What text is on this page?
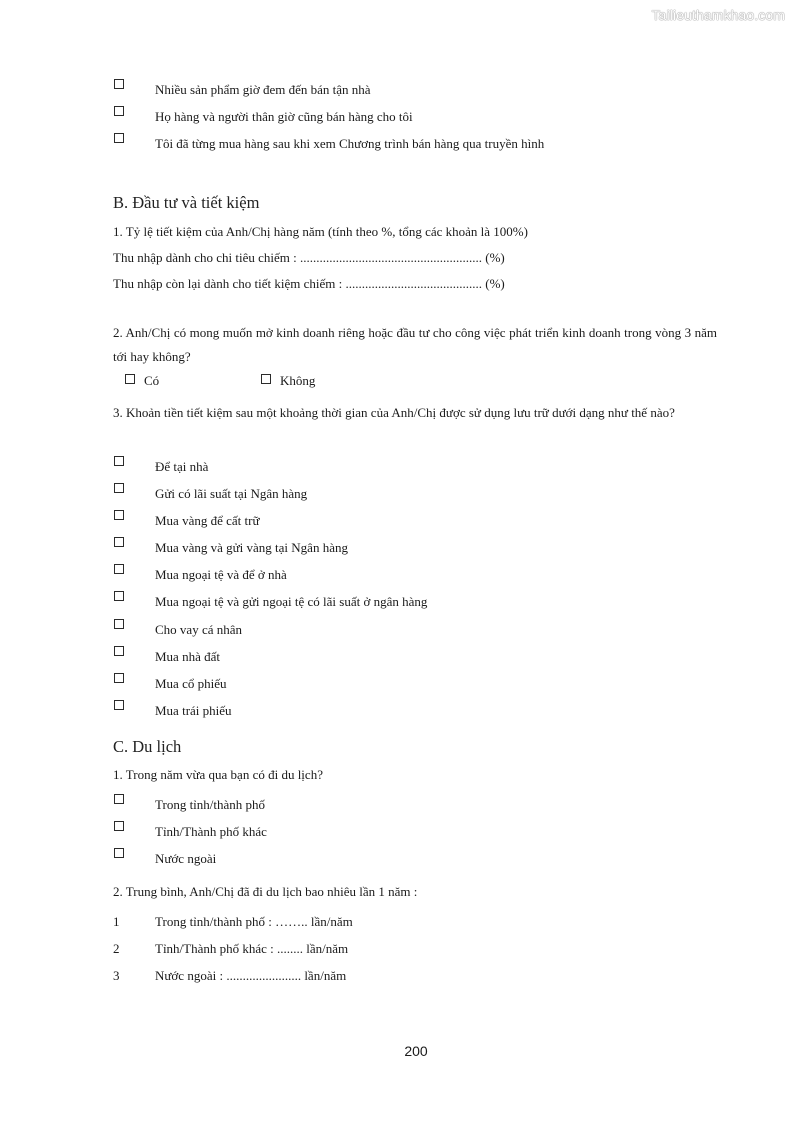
Tailieuthamkhao.com
Nhiều sản phẩm giờ đem đến bán tận nhà
Họ hàng và người thân giờ cũng bán hàng cho tôi
Tôi đã từng mua hàng sau khi xem Chương trình bán hàng qua truyền hình
B. Đầu tư và tiết kiệm
1. Tỷ lệ tiết kiệm của Anh/Chị hàng năm (tính theo %, tổng các khoản là 100%)
Thu nhập dành cho chi tiêu chiếm : ........................................................ (%)
Thu nhập còn lại dành cho tiết kiệm chiếm : .......................................... (%)
2. Anh/Chị có mong muốn mở kinh doanh riêng hoặc đầu tư cho công việc phát triển kinh doanh trong vòng 3 năm tới hay không?
Có	Không
3. Khoản tiền tiết kiệm sau một khoảng thời gian của Anh/Chị được sử dụng lưu trữ dưới dạng như thế nào?
Để tại nhà
Gửi có lãi suất tại Ngân hàng
Mua vàng để cất trữ
Mua vàng và gửi vàng tại Ngân hàng
Mua ngoại tệ và để ở nhà
Mua ngoại tệ và gửi ngoại tệ có lãi suất ở ngân hàng
Cho vay cá nhân
Mua nhà đất
Mua cổ phiếu
Mua trái phiếu
C. Du lịch
1. Trong năm vừa qua bạn có đi du lịch?
Trong tỉnh/thành phố
Tỉnh/Thành phố khác
Nước ngoài
2. Trung bình, Anh/Chị đã đi du lịch bao nhiêu lần 1 năm :
1	Trong tỉnh/thành phố : …….. lần/năm
2	Tỉnh/Thành phố khác : ........ lần/năm
3	Nước ngoài : ....................... lần/năm
200
